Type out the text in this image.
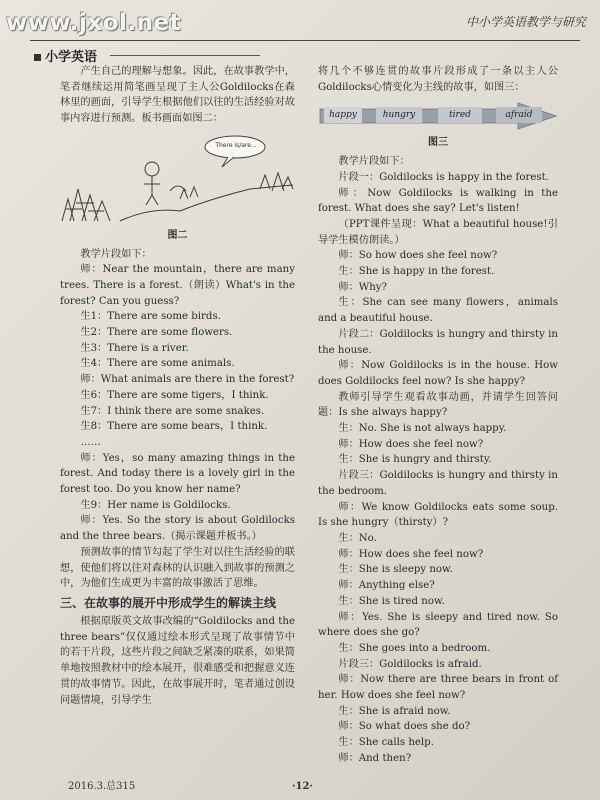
www.jxol.net	中小学英语教学与研究
小学英语

产生自己的理解与想象。因此，在故事教学中，笔者继续运用简笔画呈现了主人公Goldilocks在森林里的画面，引导学生根据他们以往的生活经验对故事内容进行预测。板书画面如图二：

There is/are...

图二

教学片段如下：

师：Near the mountain，there are many trees. There is a forest.（朗读）What's in the forest? Can you guess?

生1：There are some birds.

生2：There are some flowers.

生3：There is a river.

生4：There are some animals.

师：What animals are there in the forest?

生6：There are some tigers，I think.

生7：I think there are some snakes.

生8：There are some bears，I think.

……

师：Yes，so many amazing things in the forest. And today there is a lovely girl in the forest too. Do you know her name?

生9：Her name is Goldilocks.

师：Yes. So the story is about Goldilocks and the three bears.（揭示课题并板书。）

预测故事的情节勾起了学生对以往生活经验的联想，使他们将以往对森林的认识融入到故事的预测之中，为他们生成更为丰富的故事激活了思维。

三、在故事的展开中形成学生的解读主线

根据原版英文故事改编的“Goldilocks and the three bears”仅仅通过绘本形式呈现了故事情节中的若干片段，这些片段之间缺乏紧凑的联系，如果简单地按照教材中的绘本展开，很难感受和把握意义连贯的故事情节。因此，在故事展开时，笔者通过创设问题情境，引导学生

将几个不够连贯的故事片段形成了一条以主人公Goldilocks心情变化为主线的故事，如图三：

happy	hungry	tired	afraid

图三

教学片段如下：

片段一：Goldilocks is happy in the forest.

师：Now Goldilocks is walking in the forest. What does she say? Let's listen!

（PPT课件呈现：What a beautiful house!引导学生模仿朗读。）

师：So how does she feel now?

生：She is happy in the forest.

师：Why?

生：She can see many flowers，animals and a beautiful house.

片段二：Goldilocks is hungry and thirsty in the house.

师：Now Goldilocks is in the house. How does Goldilocks feel now? Is she happy?

教师引导学生观看故事动画，并请学生回答问题：Is she always happy?

生：No. She is not always happy.

师：How does she feel now?

生：She is hungry and thirsty.

片段三：Goldilocks is hungry and thirsty in the bedroom.

师：We know Goldilocks eats some soup. Is she hungry（thirsty）?

生：No.

师：How does she feel now?

生：She is sleepy now.

师：Anything else?

生：She is tired now.

师：Yes. She is sleepy and tired now. So where does she go?

生：She goes into a bedroom.

片段三：Goldilocks is afraid.

师：Now there are three bears in front of her. How does she feel now?

生：She is afraid now.

师：So what does she do?

生：She calls help.

师：And then?

2016.3.总315	·12·
